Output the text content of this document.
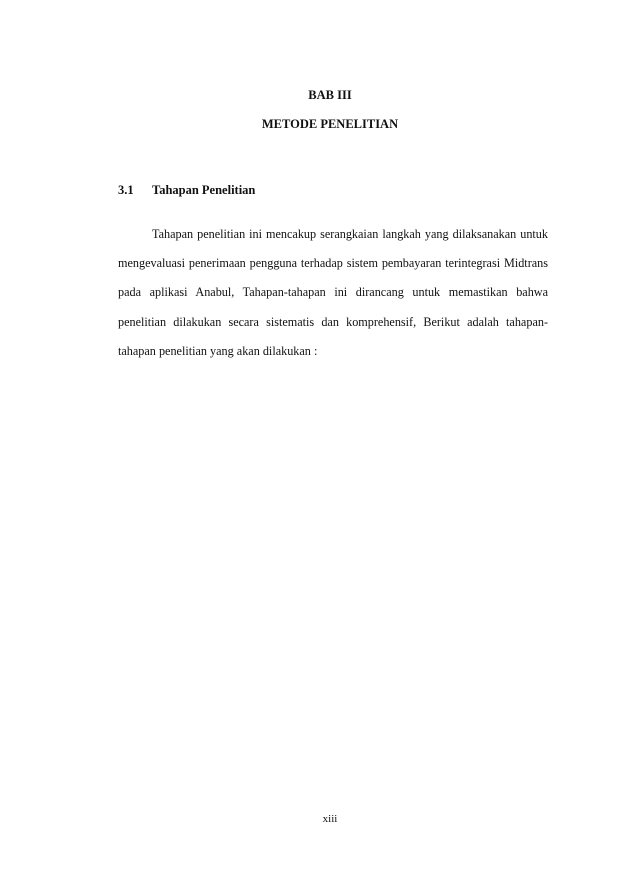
BAB III
METODE PENELITIAN
3.1 Tahapan Penelitian

Tahapan penelitian ini mencakup serangkaian langkah yang dilaksanakan untuk mengevaluasi penerimaan pengguna terhadap sistem pembayaran terintegrasi Midtrans pada aplikasi Anabul, Tahapan-tahapan ini dirancang untuk memastikan bahwa penelitian dilakukan secara sistematis dan komprehensif, Berikut adalah tahapan-tahapan penelitian yang akan dilakukan :

xiii
